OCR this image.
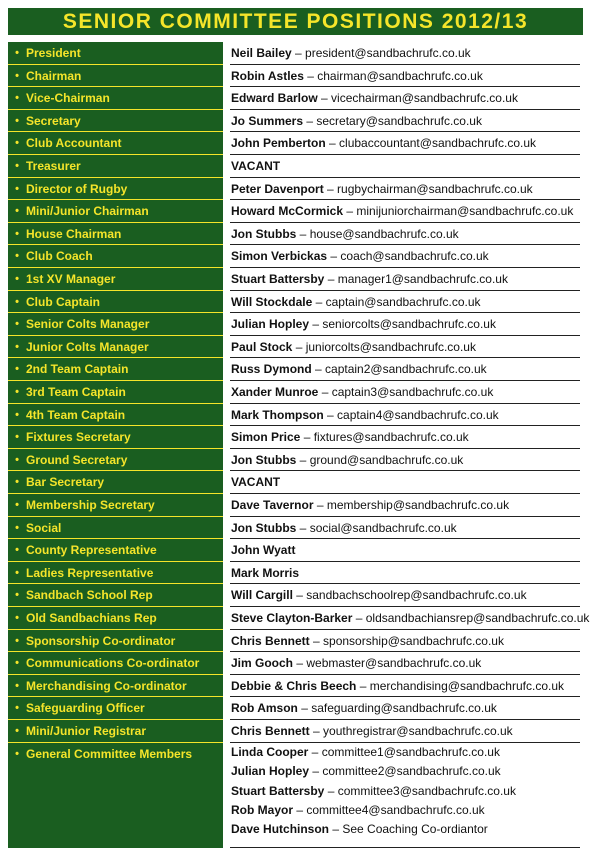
SENIOR COMMITTEE POSITIONS 2012/13
• President
• Chairman
• Vice-Chairman
• Secretary
• Club Accountant
• Treasurer
• Director of Rugby
• Mini/Junior Chairman
• House Chairman
• Club Coach
• 1st XV Manager
• Club Captain
• Senior Colts Manager
• Junior Colts Manager
• 2nd Team Captain
• 3rd Team Captain
• 4th Team Captain
• Fixtures Secretary
• Ground Secretary
• Bar Secretary
• Membership Secretary
• Social
• County Representative
• Ladies Representative
• Sandbach School Rep
• Old Sandbachians Rep
• Sponsorship Co-ordinator
• Communications Co-ordinator
• Merchandising Co-ordinator
• Safeguarding Officer
• Mini/Junior Registrar
• General Committee Members
Neil Bailey – president@sandbachrufc.co.uk
Robin Astles – chairman@sandbachrufc.co.uk
Edward Barlow – vicechairman@sandbachrufc.co.uk
Jo Summers – secretary@sandbachrufc.co.uk
John Pemberton – clubaccountant@sandbachrufc.co.uk
VACANT
Peter Davenport – rugbychairman@sandbachrufc.co.uk
Howard McCormick – minijuniorchairman@sandbachrufc.co.uk
Jon Stubbs – house@sandbachrufc.co.uk
Simon Verbickas – coach@sandbachrufc.co.uk
Stuart Battersby – manager1@sandbachrufc.co.uk
Will Stockdale – captain@sandbachrufc.co.uk
Julian Hopley – seniorcolts@sandbachrufc.co.uk
Paul Stock – juniorcolts@sandbachrufc.co.uk
Russ Dymond – captain2@sandbachrufc.co.uk
Xander Munroe – captain3@sandbachrufc.co.uk
Mark Thompson – captain4@sandbachrufc.co.uk
Simon Price – fixtures@sandbachrufc.co.uk
Jon Stubbs – ground@sandbachrufc.co.uk
VACANT
Dave Tavernor – membership@sandbachrufc.co.uk
Jon Stubbs – social@sandbachrufc.co.uk
John Wyatt
Mark Morris
Will Cargill – sandbachschoolrep@sandbachrufc.co.uk
Steve Clayton-Barker – oldsandbachiansrep@sandbachrufc.co.uk
Chris Bennett – sponsorship@sandbachrufc.co.uk
Jim Gooch – webmaster@sandbachrufc.co.uk
Debbie & Chris Beech – merchandising@sandbachrufc.co.uk
Rob Amson – safeguarding@sandbachrufc.co.uk
Chris Bennett – youthregistrar@sandbachrufc.co.uk
Linda Cooper – committee1@sandbachrufc.co.uk
Julian Hopley – committee2@sandbachrufc.co.uk
Stuart Battersby – committee3@sandbachrufc.co.uk
Rob Mayor – committee4@sandbachrufc.co.uk
Dave Hutchinson – See Coaching Co-ordiantor
